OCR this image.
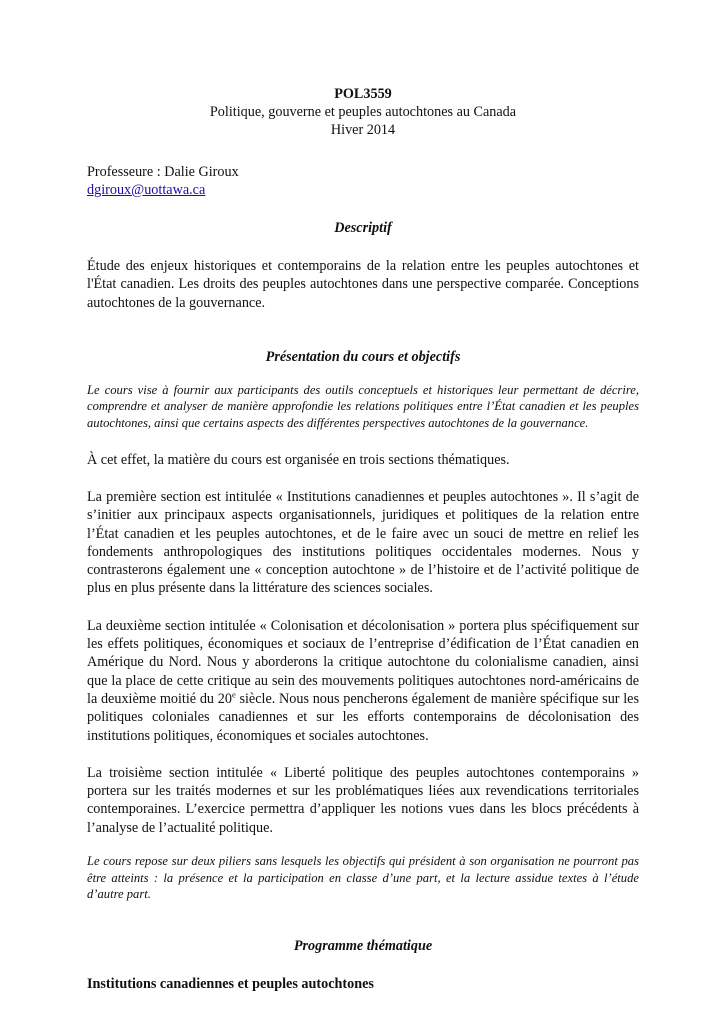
POL3559

Politique, gouverne et peuples autochtones au Canada

Hiver 2014

Professeure : Dalie Giroux

dgiroux@uottawa.ca

Descriptif

Étude des enjeux historiques et contemporains de la relation entre les peuples autochtones et l'État canadien. Les droits des peuples autochtones dans une perspective comparée. Conceptions autochtones de la gouvernance.

Présentation du cours et objectifs

Le cours vise à fournir aux participants des outils conceptuels et historiques leur permettant de décrire, comprendre et analyser de manière approfondie les relations politiques entre l’État canadien et les peuples autochtones, ainsi que certains aspects des différentes perspectives autochtones de la gouvernance.

À cet effet, la matière du cours est organisée en trois sections thématiques.

La première section est intitulée « Institutions canadiennes et peuples autochtones ». Il s’agit de s’initier aux principaux aspects organisationnels, juridiques et politiques de la relation entre l’État canadien et les peuples autochtones, et de le faire avec un souci de mettre en relief les fondements anthropologiques des institutions politiques occidentales modernes. Nous y contrasterons également une « conception autochtone » de l’histoire et de l’activité politique de plus en plus présente dans la littérature des sciences sociales.

La deuxième section intitulée « Colonisation et décolonisation » portera plus spécifiquement sur les effets politiques, économiques et sociaux de l’entreprise d’édification de l’État canadien en Amérique du Nord. Nous y aborderons la critique autochtone du colonialisme canadien, ainsi que la place de cette critique au sein des mouvements politiques autochtones nord-américains de la deuxième moitié du 20e siècle. Nous nous pencherons également de manière spécifique sur les politiques coloniales canadiennes et sur les efforts contemporains de décolonisation des institutions politiques, économiques et sociales autochtones.

La troisième section intitulée « Liberté politique des peuples autochtones contemporains » portera sur les traités modernes et sur les problématiques liées aux revendications territoriales contemporaines. L’exercice permettra d’appliquer les notions vues dans les blocs précédents à l’analyse de l’actualité politique.

Le cours repose sur deux piliers sans lesquels les objectifs qui président à son organisation ne pourront pas être atteints : la présence et la participation en classe d’une part, et la lecture assidue textes à l’étude d’autre part.

Programme thématique

Institutions canadiennes et peuples autochtones
